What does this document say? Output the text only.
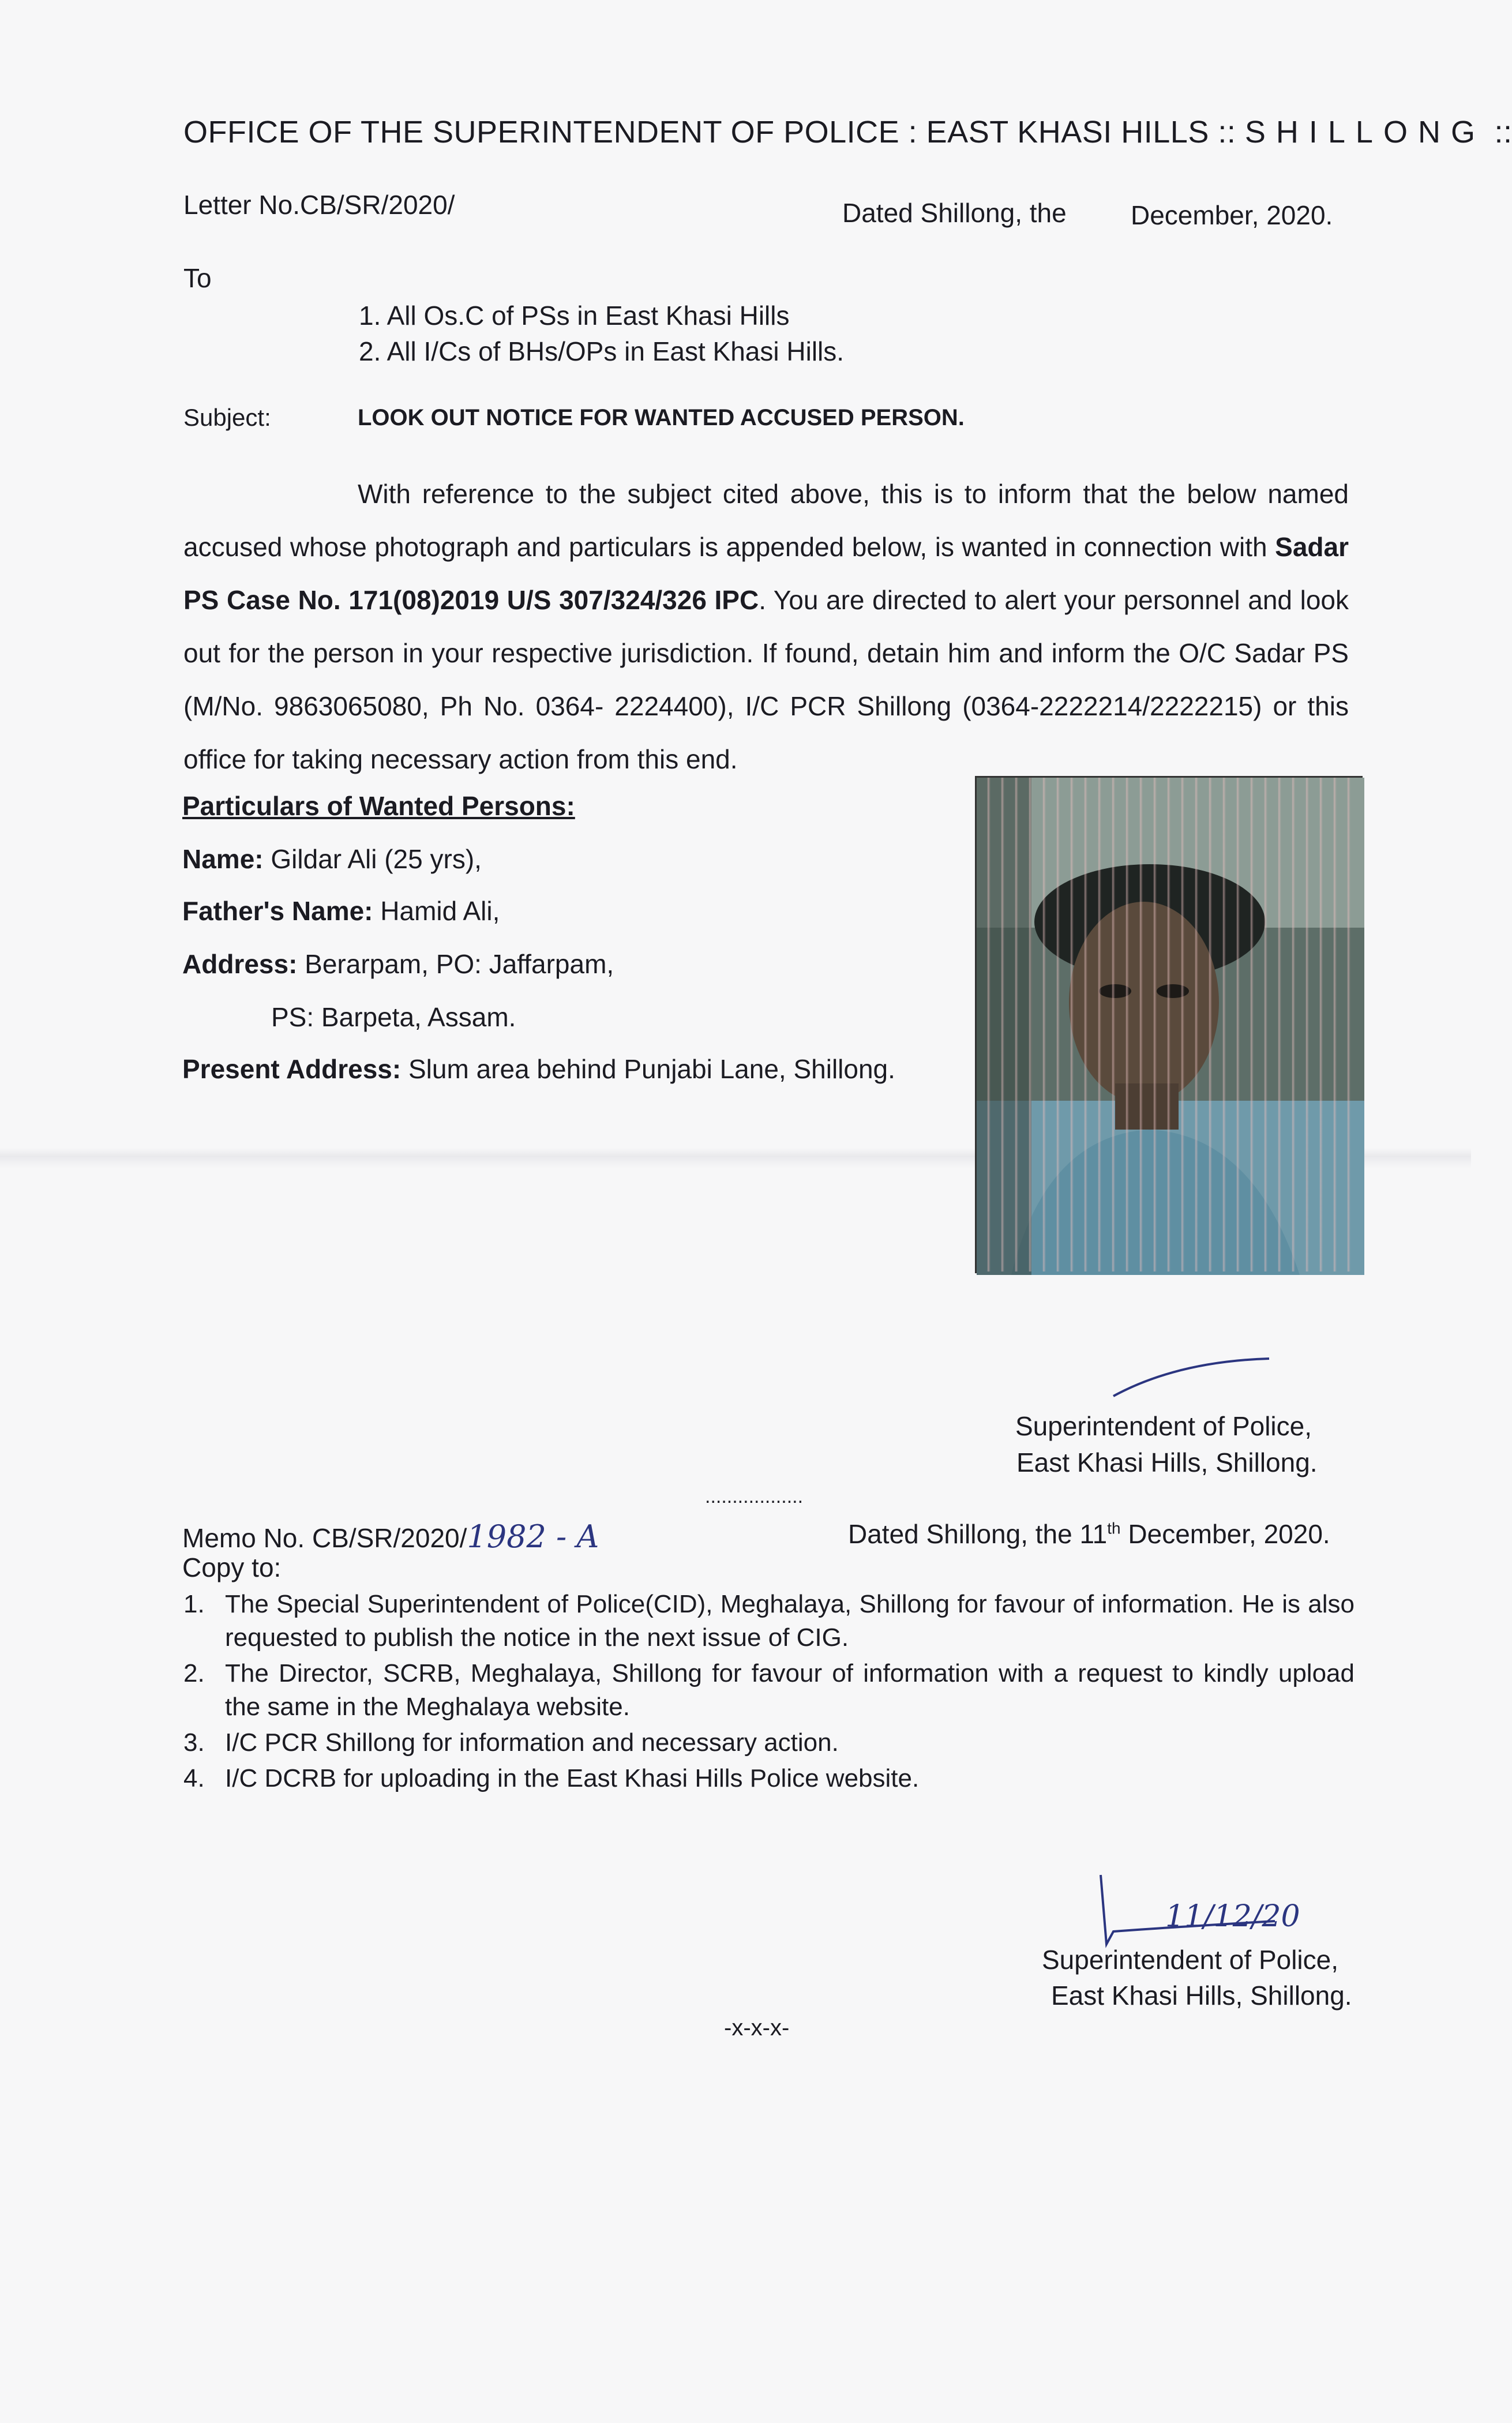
OFFICE OF THE SUPERINTENDENT OF POLICE : EAST KHASI HILLS :: SHILLONG ::
Letter No.CB/SR/2020/	Dated Shillong, the December, 2020.
To
1. All Os.C of PSs in East Khasi Hills
2. All I/Cs of BHs/OPs in East Khasi Hills.
Subject:	LOOK OUT NOTICE FOR WANTED ACCUSED PERSON.
With reference to the subject cited above, this is to inform that the below named
accused whose photograph and particulars is appended below, is wanted in connection with Sadar
PS Case No. 171(08)2019 U/S 307/324/326 IPC. You are directed to alert your personnel and look
out for the person in your respective jurisdiction. If found, detain him and inform the O/C Sadar PS
(M/No. 9863065080, Ph No. 0364- 2224400), I/C PCR Shillong (0364-2222214/2222215) or this
office for taking necessary action from this end.
Particulars of Wanted Persons:
Name: Gildar Ali (25 yrs),
Father's Name: Hamid Ali,
Address: Berarpam, PO: Jaffarpam,
PS: Barpeta, Assam.
Present Address: Slum area behind Punjabi Lane, Shillong.
Superintendent of Police,
East Khasi Hills, Shillong.
..................
Memo No. CB/SR/2020/1982 - A	Dated Shillong, the 11th December, 2020.
Copy to:
1. The Special Superintendent of Police(CID), Meghalaya, Shillong for favour of information. He is also requested to publish the notice in the next issue of CIG.
2. The Director, SCRB, Meghalaya, Shillong for favour of information with a request to kindly upload the same in the Meghalaya website.
3. I/C PCR Shillong for information and necessary action.
4. I/C DCRB for uploading in the East Khasi Hills Police website.
11/12/20
Superintendent of Police,
East Khasi Hills, Shillong.
-x-x-x-
